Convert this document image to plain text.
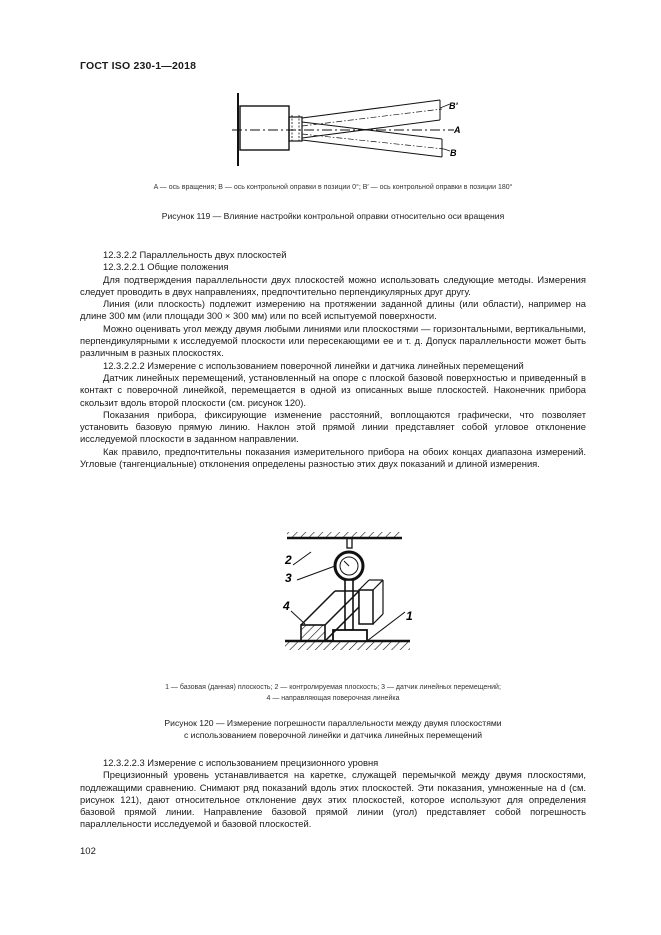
ГОСТ ISO 230-1—2018
B'
A
B
A — ось вращения; B — ось контрольной оправки в позиции 0°; B′ — ось контрольной оправки в позиции 180°
Рисунок 119 — Влияние настройки контрольной оправки относительно оси вращения

12.3.2.2 Параллельность двух плоскостей

12.3.2.2.1 Общие положения

Для подтверждения параллельности двух плоскостей можно использовать следующие методы. Измерения следует проводить в двух направлениях, предпочтительно перпендикулярных друг другу.

Линия (или плоскость) подлежит измерению на протяжении заданной длины (или области), например на длине 300 мм (или площади 300 × 300 мм) или по всей испытуемой поверхности.

Можно оценивать угол между двумя любыми линиями или плоскостями — горизонтальными, вертикальными, перпендикулярными к исследуемой плоскости или пересекающими ее и т. д. Допуск параллельности может быть различным в разных плоскостях.

12.3.2.2.2 Измерение с использованием поверочной линейки и датчика линейных перемещений

Датчик линейных перемещений, установленный на опоре с плоской базовой поверхностью и приведенный в контакт с поверочной линейкой, перемещается в одной из описанных выше плоскостей. Наконечник прибора скользит вдоль второй плоскости (см. рисунок 120).

Показания прибора, фиксирующие изменение расстояний, воплощаются графически, что позволяет установить базовую прямую линию. Наклон этой прямой линии представляет собой угловое отклонение исследуемой плоскости в заданном направлении.

Как правило, предпочтительны показания измерительного прибора на обоих концах диапазона измерений. Угловые (тангенциальные) отклонения определены разностью этих двух показаний и длиной измерения.

1
2
3
4
1 — базовая (данная) плоскость; 2 — контролируемая плоскость; 3 — датчик линейных перемещений;
4 — направляющая поверочная линейка
Рисунок 120 — Измерение погрешности параллельности между двумя плоскостями
с использованием поверочной линейки и датчика линейных перемещений

12.3.2.2.3 Измерение с использованием прецизионного уровня

Прецизионный уровень устанавливается на каретке, служащей перемычкой между двумя плоскостями, подлежащими сравнению. Снимают ряд показаний вдоль этих плоскостей. Эти показания, умноженные на d (см. рисунок 121), дают относительное отклонение двух этих плоскостей, которое используют для определения базовой прямой линии. Направление базовой прямой линии (угол) представляет собой погрешность параллельности исследуемой и базовой плоскостей.

102
